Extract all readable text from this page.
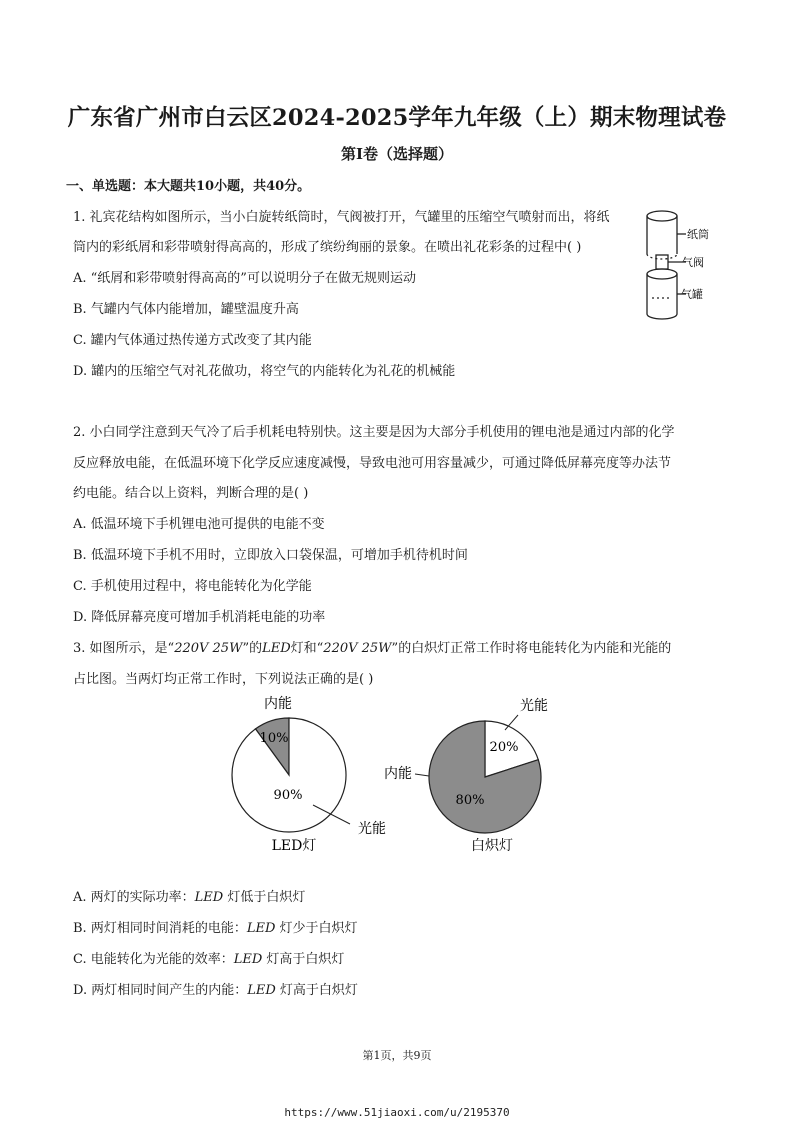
广东省广州市白云区2024-2025学年九年级（上）期末物理试卷
第I卷（选择题）
一、单选题：本大题共10小题，共40分。
1. 礼宾花结构如图所示，当小白旋转纸筒时，气阀被打开，气罐里的压缩空气喷射而出，将纸
筒内的彩纸屑和彩带喷射得高高的，形成了缤纷绚丽的景象。在喷出礼花彩条的过程中( )
A. “纸屑和彩带喷射得高高的”可以说明分子在做无规则运动
B. 气罐内气体内能增加，罐壁温度升高
C. 罐内气体通过热传递方式改变了其内能
D. 罐内的压缩空气对礼花做功，将空气的内能转化为礼花的机械能
纸筒
气阀
气罐
2. 小白同学注意到天气冷了后手机耗电特别快。这主要是因为大部分手机使用的锂电池是通过内部的化学
反应释放电能，在低温环境下化学反应速度减慢，导致电池可用容量减少，可通过降低屏幕亮度等办法节
约电能。结合以上资料，判断合理的是( )
A. 低温环境下手机锂电池可提供的电能不变
B. 低温环境下手机不用时，立即放入口袋保温，可增加手机待机时间
C. 手机使用过程中，将电能转化为化学能
D. 降低屏幕亮度可增加手机消耗电能的功率
3. 如图所示，是“220V 25W”的LED灯和“220V 25W”的白炽灯正常工作时将电能转化为内能和光能的
占比图。当两灯均正常工作时，下列说法正确的是( )
内能
10%
90%
光能
LED灯
光能
20%
内能
80%
白炽灯
A. 两灯的实际功率：LED 灯低于白炽灯
B. 两灯相同时间消耗的电能：LED 灯少于白炽灯
C. 电能转化为光能的效率：LED 灯高于白炽灯
D. 两灯相同时间产生的内能：LED 灯高于白炽灯
第1页，共9页
https://www.51jiaoxi.com/u/2195370
